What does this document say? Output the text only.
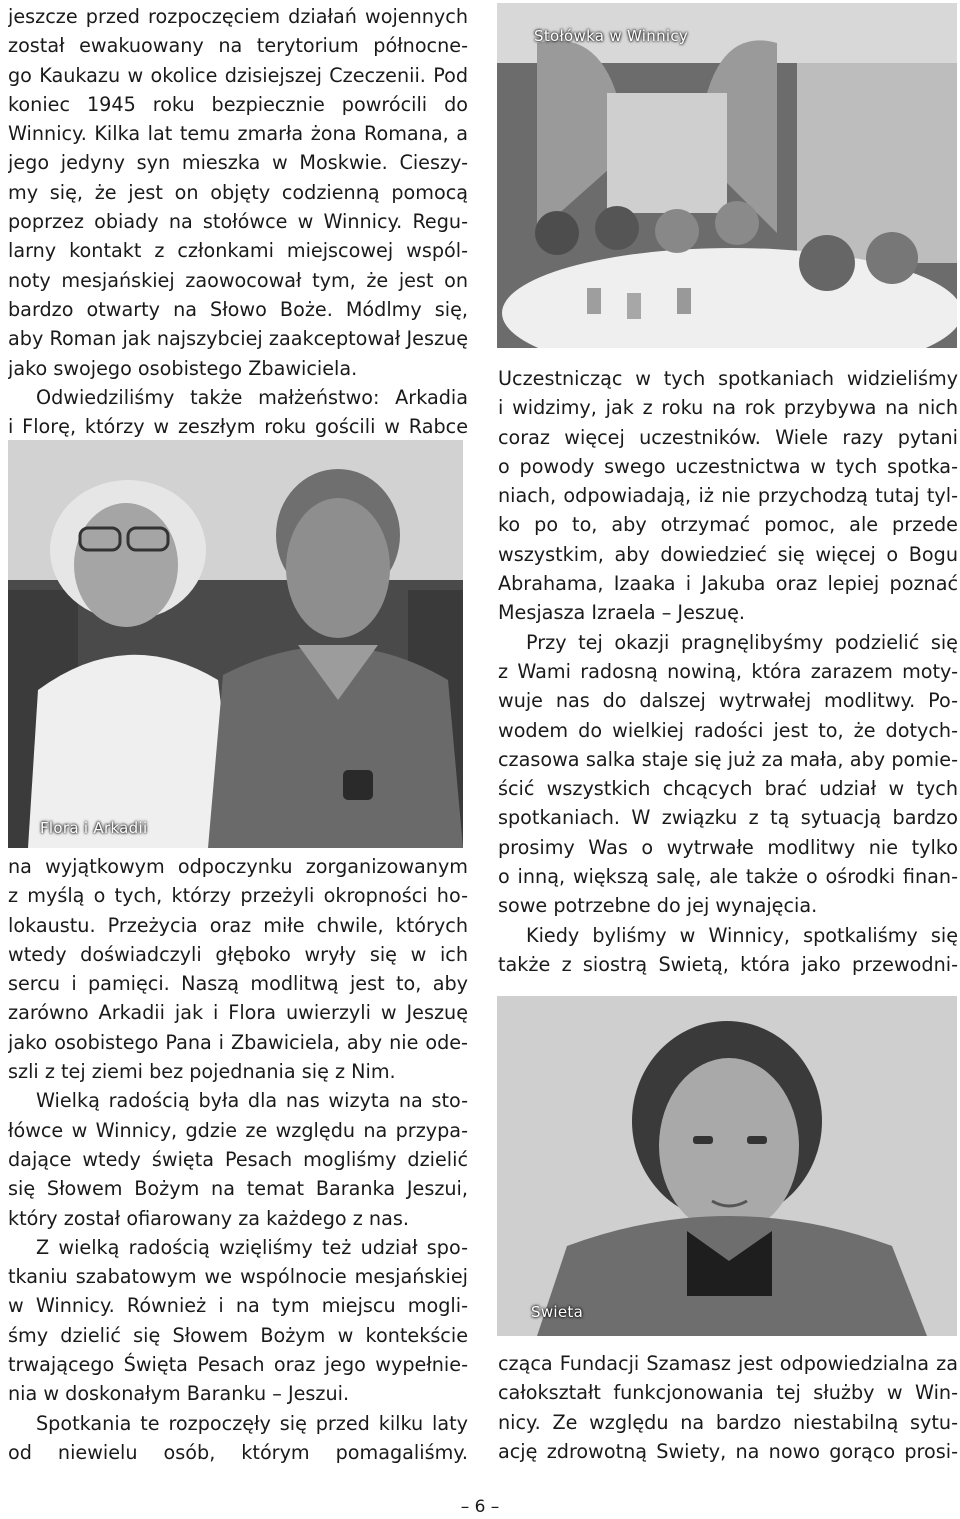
jeszcze przed rozpoczęciem działań wojennych
został ewakuowany na terytorium północne-
go Kaukazu w okolice dzisiejszej Czeczenii. Pod
koniec 1945 roku bezpiecznie powrócili do
Winnicy. Kilka lat temu zmarła żona Romana, a
jego jedyny syn mieszka w Moskwie. Cieszy-
my się, że jest on objęty codzienną pomocą
poprzez obiady na stołówce w Winnicy. Regu-
larny kontakt z członkami miejscowej wspól-
noty mesjańskiej zaowocował tym, że jest on
bardzo otwarty na Słowo Boże. Módlmy się,
aby Roman jak najszybciej zaakceptował Jeszuę
jako swojego osobistego Zbawiciela.
Odwiedziliśmy także małżeństwo: Arkadia
i Florę, którzy w zeszłym roku gościli w Rabce

na wyjątkowym odpoczynku zorganizowanym
z myślą o tych, którzy przeżyli okropności ho-
lokaustu. Przeżycia oraz miłe chwile, których
wtedy doświadczyli głęboko wryły się w ich
sercu i pamięci. Naszą modlitwą jest to, aby
zarówno Arkadii jak i Flora uwierzyli w Jeszuę
jako osobistego Pana i Zbawiciela, aby nie ode-
szli z tej ziemi bez pojednania się z Nim.
Wielką radością była dla nas wizyta na sto-
łówce w Winnicy, gdzie ze względu na przypa-
dające wtedy święta Pesach mogliśmy dzielić
się Słowem Bożym na temat Baranka Jeszui,
który został ofiarowany za każdego z nas.
Z wielką radością wzięliśmy też udział spo-
tkaniu szabatowym we wspólnocie mesjańskiej
w Winnicy. Również i na tym miejscu mogli-
śmy dzielić się Słowem Bożym w kontekście
trwającego Święta Pesach oraz jego wypełnie-
nia w doskonałym Baranku – Jeszui.
Spotkania te rozpoczęły się przed kilku laty
od niewielu osób, którym pomagaliśmy.

Flora i Arkadii
Stołówka w Winnicy

Uczestnicząc w tych spotkaniach widzieliśmy
i widzimy, jak z roku na rok przybywa na nich
coraz więcej uczestników. Wiele razy pytani
o powody swego uczestnictwa w tych spotka-
niach, odpowiadają, iż nie przychodzą tutaj tyl-
ko po to, aby otrzymać pomoc, ale przede
wszystkim, aby dowiedzieć się więcej o Bogu
Abrahama, Izaaka i Jakuba oraz lepiej poznać
Mesjasza Izraela – Jeszuę.
Przy tej okazji pragnęlibyśmy podzielić się
z Wami radosną nowiną, która zarazem moty-
wuje nas do dalszej wytrwałej modlitwy. Po-
wodem do wielkiej radości jest to, że dotych-
czasowa salka staje się już za mała, aby pomie-
ścić wszystkich chcących brać udział w tych
spotkaniach. W związku z tą sytuacją bardzo
prosimy Was o wytrwałe modlitwy nie tylko
o inną, większą salę, ale także o ośrodki finan-
sowe potrzebne do jej wynajęcia.
Kiedy byliśmy w Winnicy, spotkaliśmy się
także z siostrą Swietą, która jako przewodni-

cząca Fundacji Szamasz jest odpowiedzialna za
całokształt funkcjonowania tej służby w Win-
nicy. Ze względu na bardzo niestabilną sytu-
ację zdrowotną Swiety, na nowo gorąco prosi-

Swieta
– 6 –
